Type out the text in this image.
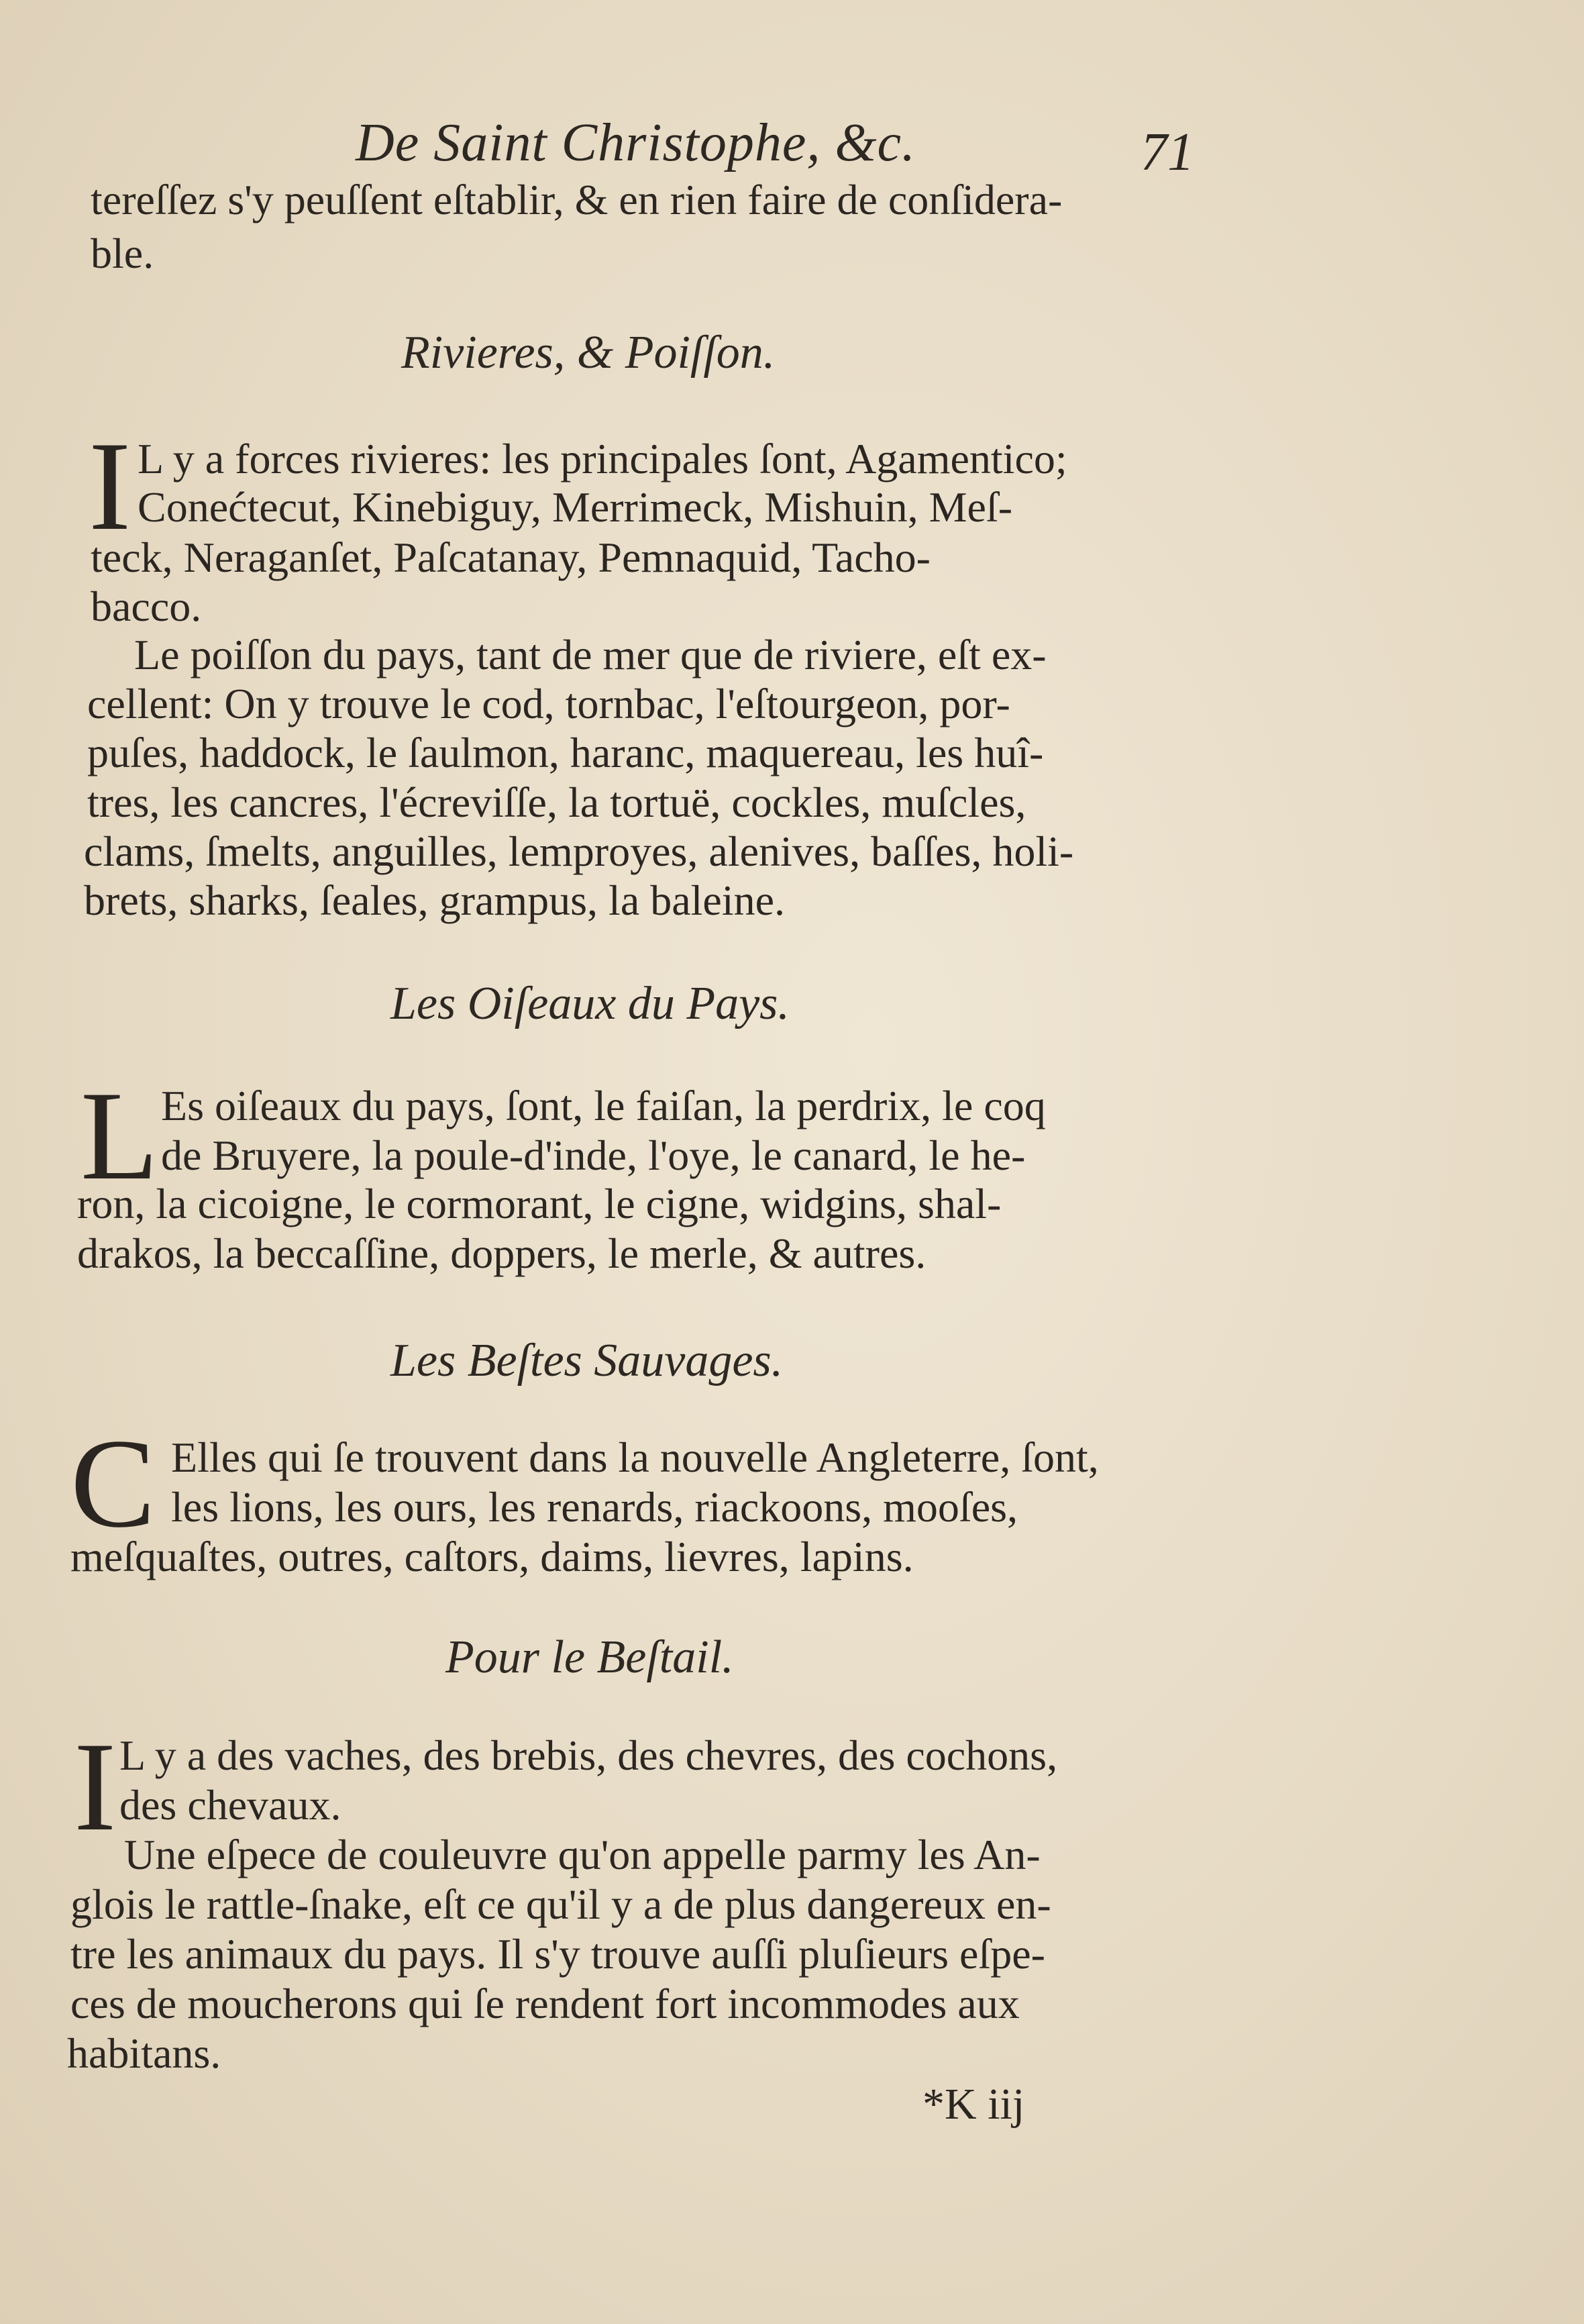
De Saint Christophe, &c.	71
tereſſez s'y peuſſent eſtablir, & en rien faire de conſidera-
ble.
Rivieres, & Poiſſon.
I L y a forces rivieres: les principales ſont, Agamentico;
Conećtecut, Kinebiguy, Merrimeck, Mishuin, Meſ-
teck, Neraganſet, Paſcatanay, Pemnaquid, Tacho-
bacco.
Le poiſſon du pays, tant de mer que de riviere, eſt ex-
cellent: On y trouve le cod, tornbac, l'eſtourgeon, por-
puſes, haddock, le ſaulmon, haranc, maquereau, les huî-
tres, les cancres, l'écreviſſe, la tortuë, cockles, muſcles,
clams, ſmelts, anguilles, lemproyes, alenives, baſſes, holi-
brets, sharks, ſeales, grampus, la baleine.
Les Oiſeaux du Pays.
L Es oiſeaux du pays, ſont, le faiſan, la perdrix, le coq
de Bruyere, la poule-d'inde, l'oye, le canard, le he-
ron, la cicoigne, le cormorant, le cigne, widgins, shal-
drakos, la beccaſſine, doppers, le merle, & autres.
Les Beſtes Sauvages.
C Elles qui ſe trouvent dans la nouvelle Angleterre, ſont,
les lions, les ours, les renards, riackoons, mooſes,
meſquaſtes, outres, caſtors, daims, lievres, lapins.
Pour le Beſtail.
I L y a des vaches, des brebis, des chevres, des cochons,
des chevaux.
Une eſpece de couleuvre qu'on appelle parmy les An-
glois le rattle-ſnake, eſt ce qu'il y a de plus dangereux en-
tre les animaux du pays. Il s'y trouve auſſi pluſieurs eſpe-
ces de moucherons qui ſe rendent fort incommodes aux
habitans.
*K iij
